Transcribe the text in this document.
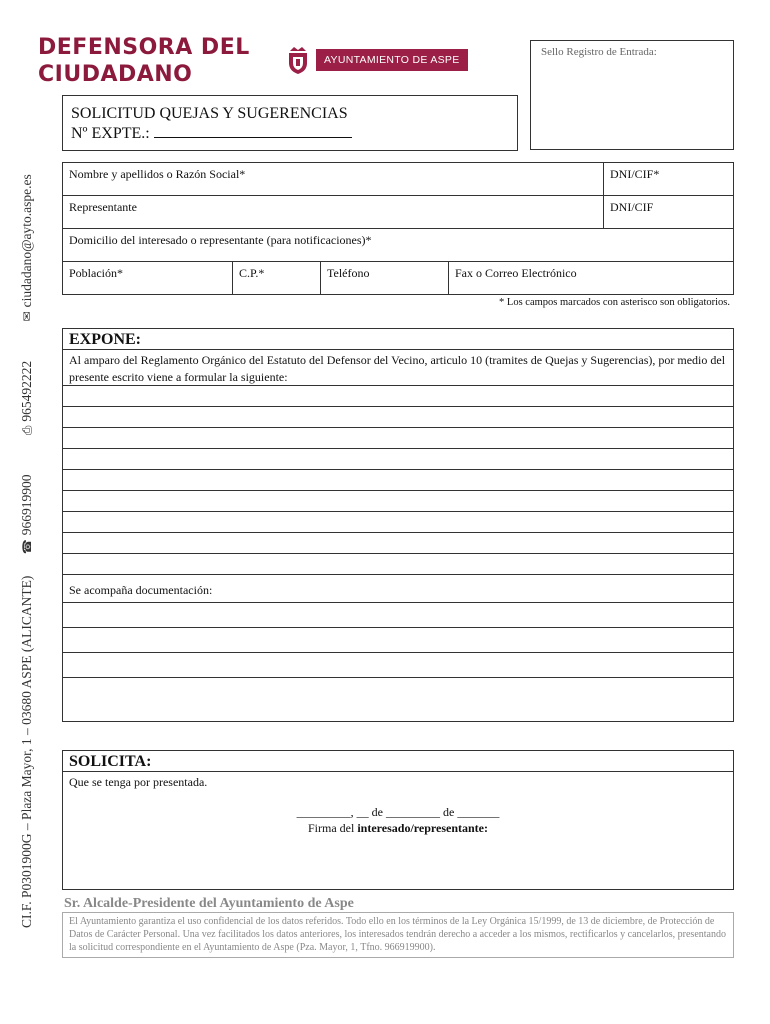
DEFENSORA DEL
CIUDADANO
AYUNTAMIENTO DE ASPE
Sello Registro de Entrada:
SOLICITUD QUEJAS Y SUGERENCIAS
Nº EXPTE.:
CI.F. P0301900G – Plaza Mayor, 1 – 03680 ASPE (ALICANTE) ☎966919900 ⎙965492222 ✉ciudadano@ayto.aspe.es
Nombre y apellidos o Razón Social*				DNI/CIF*
Representante				DNI/CIF
Domicilio del interesado o representante (para notificaciones)*				
Población*	C.P.*	Teléfono	Fax o Correo Electrónico	
* Los campos marcados con asterisco son obligatorios.
EXPONE:
Al amparo del Reglamento Orgánico del Estatuto del Defensor del Vecino, articulo 10 (tramites de Quejas y Sugerencias), por medio del presente escrito viene a formular la siguiente:
Se acompaña documentación:
SOLICITA:
Que se tenga por presentada.
_________, __ de _________ de _______
Firma del interesado/representante:
Sr. Alcalde-Presidente del Ayuntamiento de Aspe
El Ayuntamiento garantiza el uso confidencial de los datos referidos. Todo ello en los términos de la Ley Orgánica 15/1999, de 13 de diciembre, de Protección de Datos de Carácter Personal. Una vez facilitados los datos anteriores, los interesados tendrán derecho a acceder a los mismos, rectificarlos y cancelarlos, presentando la solicitud correspondiente en el Ayuntamiento de Aspe (Pza. Mayor, 1, Tfno. 966919900).
